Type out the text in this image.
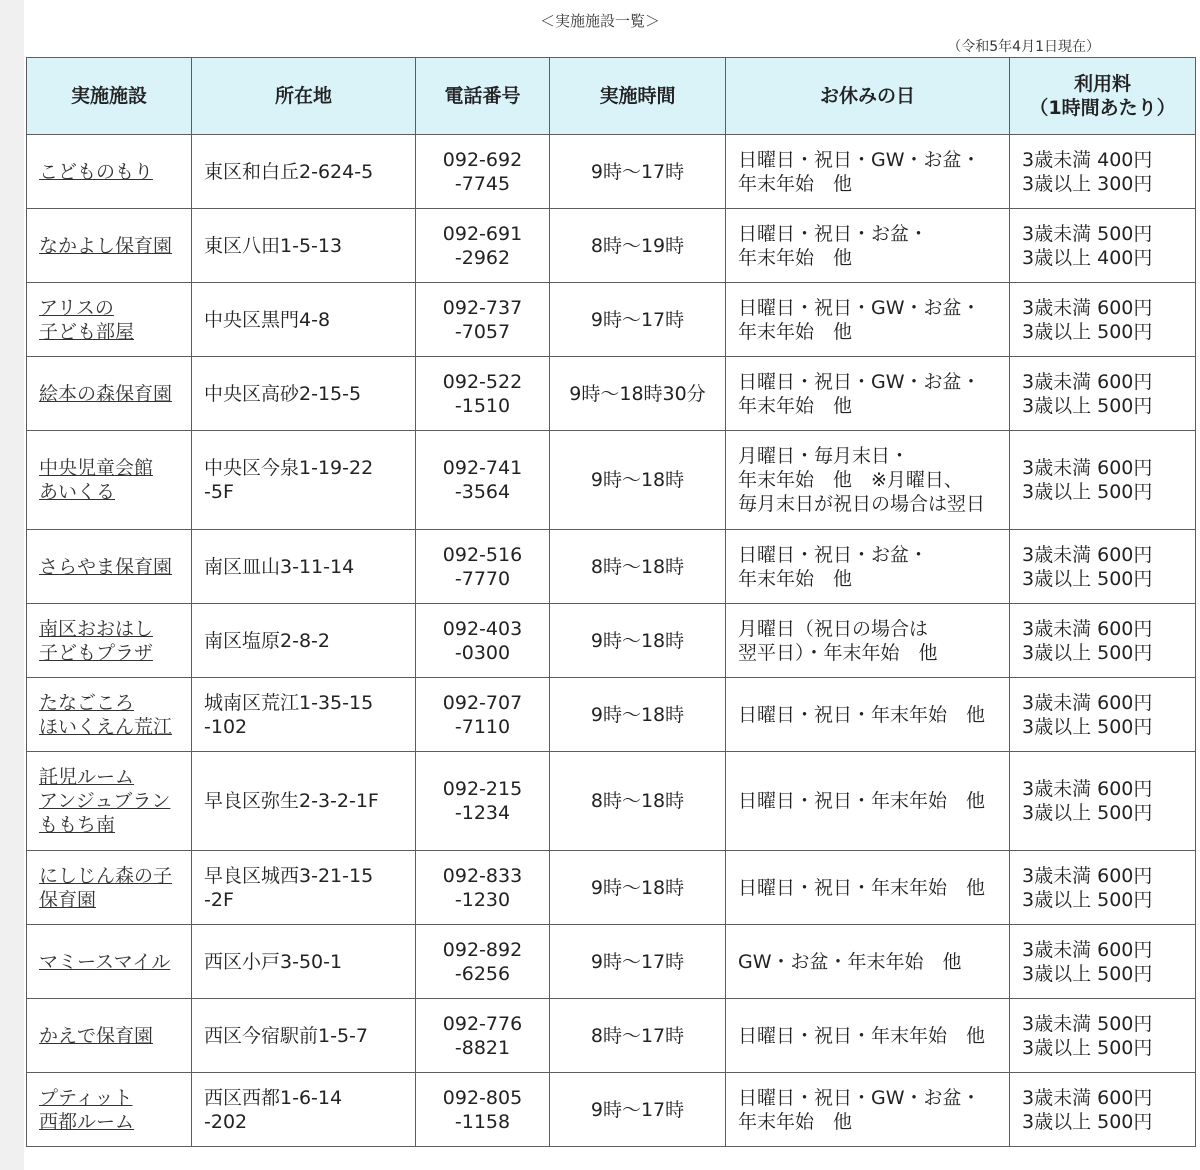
＜実施施設一覧＞
（令和5年4月1日現在）
実施施設	所在地	電話番号	実施時間	お休みの日	利用料
（1時間あたり）
こどものもり	東区和白丘2-624-5	092-692
-7745	9時～17時	日曜日・祝日・GW・お盆・
年末年始　他	3歳未満 400円
3歳以上 300円
なかよし保育園	東区八田1-5-13	092-691
-2962	8時～19時	日曜日・祝日・お盆・
年末年始　他	3歳未満 500円
3歳以上 400円
アリスの
子ども部屋	中央区黒門4-8	092-737
-7057	9時～17時	日曜日・祝日・GW・お盆・
年末年始　他	3歳未満 600円
3歳以上 500円
絵本の森保育園	中央区高砂2-15-5	092-522
-1510	9時～18時30分	日曜日・祝日・GW・お盆・
年末年始　他	3歳未満 600円
3歳以上 500円
中央児童会館
あいくる	中央区今泉1-19-22
-5F	092-741
-3564	9時～18時	月曜日・毎月末日・
年末年始　他　※月曜日、
毎月末日が祝日の場合は翌日	3歳未満 600円
3歳以上 500円
さらやま保育園	南区皿山3-11-14	092-516
-7770	8時～18時	日曜日・祝日・お盆・
年末年始　他	3歳未満 600円
3歳以上 500円
南区おおはし
子どもプラザ	南区塩原2-8-2	092-403
-0300	9時～18時	月曜日（祝日の場合は
翌平日）・年末年始　他	3歳未満 600円
3歳以上 500円
たなごころ
ほいくえん荒江	城南区荒江1-35-15
-102	092-707
-7110	9時～18時	日曜日・祝日・年末年始　他	3歳未満 600円
3歳以上 500円
託児ルーム
アンジュブラン
ももち南	早良区弥生2-3-2-1F	092-215
-1234	8時～18時	日曜日・祝日・年末年始　他	3歳未満 600円
3歳以上 500円
にしじん森の子
保育園	早良区城西3-21-15
-2F	092-833
-1230	9時～18時	日曜日・祝日・年末年始　他	3歳未満 600円
3歳以上 500円
マミースマイル	西区小戸3-50-1	092-892
-6256	9時～17時	GW・お盆・年末年始　他	3歳未満 600円
3歳以上 500円
かえで保育園	西区今宿駅前1-5-7	092-776
-8821	8時～17時	日曜日・祝日・年末年始　他	3歳未満 500円
3歳以上 500円
プティット
西都ルーム	西区西都1-6-14
-202	092-805
-1158	9時～17時	日曜日・祝日・GW・お盆・
年末年始　他	3歳未満 600円
3歳以上 500円
